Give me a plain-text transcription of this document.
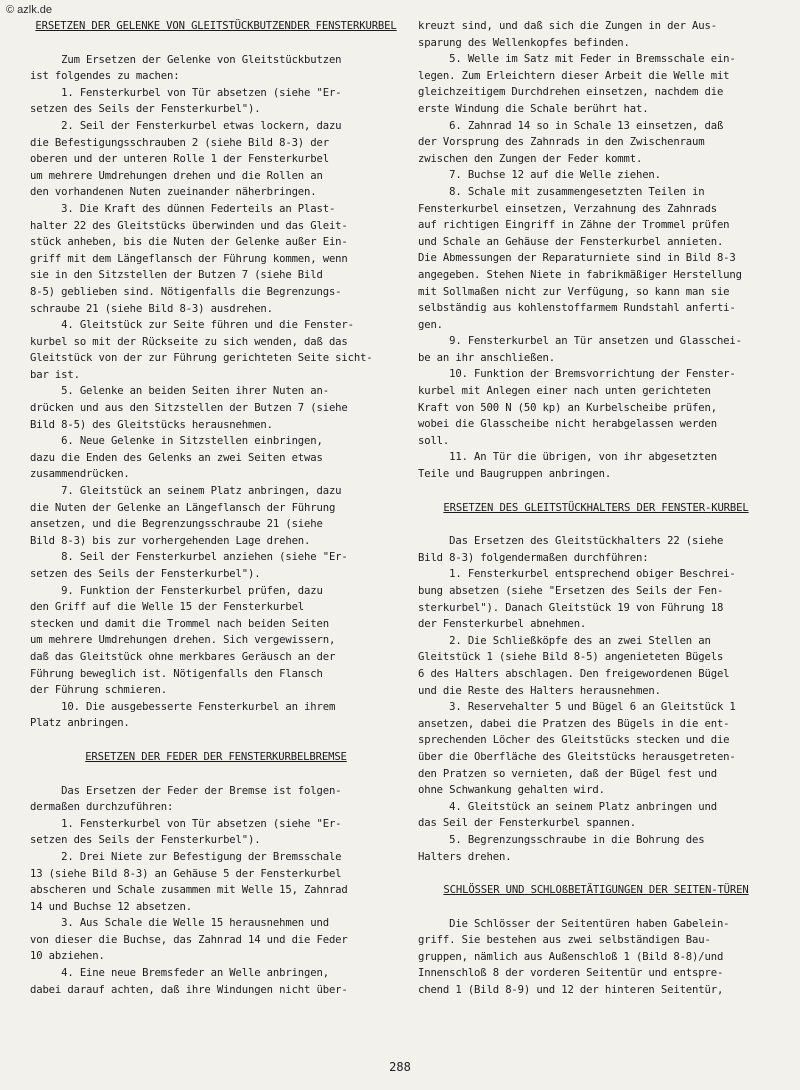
© azlk.de
ERSETZEN DER GELENKE VON GLEITSTÜCKBUTZENDER FENSTERKURBEL
Zum Ersetzen der Gelenke von Gleitstückbutzen
ist folgendes zu machen:
1. Fensterkurbel von Tür absetzen (siehe "Er-
setzen des Seils der Fensterkurbel").
2. Seil der Fensterkurbel etwas lockern, dazu
die Befestigungsschrauben 2 (siehe Bild 8-3) der
oberen und der unteren Rolle 1 der Fensterkurbel
um mehrere Umdrehungen drehen und die Rollen an
den vorhandenen Nuten zueinander näherbringen.
3. Die Kraft des dünnen Federteils an Plast-
halter 22 des Gleitstücks überwinden und das Gleit-
stück anheben, bis die Nuten der Gelenke außer Ein-
griff mit dem Längeflansch der Führung kommen, wenn
sie in den Sitzstellen der Butzen 7 (siehe Bild
8-5) geblieben sind. Nötigenfalls die Begrenzungs-
schraube 21 (siehe Bild 8-3) ausdrehen.
4. Gleitstück zur Seite führen und die Fenster-
kurbel so mit der Rückseite zu sich wenden, daß das
Gleitstück von der zur Führung gerichteten Seite sicht-
bar ist.
5. Gelenke an beiden Seiten ihrer Nuten an-
drücken und aus den Sitzstellen der Butzen 7 (siehe
Bild 8-5) des Gleitstücks herausnehmen.
6. Neue Gelenke in Sitzstellen einbringen,
dazu die Enden des Gelenks an zwei Seiten etwas
zusammendrücken.
7. Gleitstück an seinem Platz anbringen, dazu
die Nuten der Gelenke an Längeflansch der Führung
ansetzen, und die Begrenzungsschraube 21 (siehe
Bild 8-3) bis zur vorhergehenden Lage drehen.
8. Seil der Fensterkurbel anziehen (siehe "Er-
setzen des Seils der Fensterkurbel").
9. Funktion der Fensterkurbel prüfen, dazu
den Griff auf die Welle 15 der Fensterkurbel
stecken und damit die Trommel nach beiden Seiten
um mehrere Umdrehungen drehen. Sich vergewissern,
daß das Gleitstück ohne merkbares Geräusch an der
Führung beweglich ist. Nötigenfalls den Flansch
der Führung schmieren.
10. Die ausgebesserte Fensterkurbel an ihrem
Platz anbringen.
ERSETZEN DER FEDER DER FENSTERKURBELBREMSE
Das Ersetzen der Feder der Bremse ist folgen-
dermaßen durchzuführen:
1. Fensterkurbel von Tür absetzen (siehe "Er-
setzen des Seils der Fensterkurbel").
2. Drei Niete zur Befestigung der Bremsschale
13 (siehe Bild 8-3) an Gehäuse 5 der Fensterkurbel
abscheren und Schale zusammen mit Welle 15, Zahnrad
14 und Buchse 12 absetzen.
3. Aus Schale die Welle 15 herausnehmen und
von dieser die Buchse, das Zahnrad 14 und die Feder
10 abziehen.
4. Eine neue Bremsfeder an Welle anbringen,
dabei darauf achten, daß ihre Windungen nicht über-
kreuzt sind, und daß sich die Zungen in der Aus-
sparung des Wellenkopfes befinden.
5. Welle im Satz mit Feder in Bremsschale ein-
legen. Zum Erleichtern dieser Arbeit die Welle mit
gleichzeitigem Durchdrehen einsetzen, nachdem die
erste Windung die Schale berührt hat.
6. Zahnrad 14 so in Schale 13 einsetzen, daß
der Vorsprung des Zahnrads in den Zwischenraum
zwischen den Zungen der Feder kommt.
7. Buchse 12 auf die Welle ziehen.
8. Schale mit zusammengesetzten Teilen in
Fensterkurbel einsetzen, Verzahnung des Zahnrads
auf richtigen Eingriff in Zähne der Trommel prüfen
und Schale an Gehäuse der Fensterkurbel annieten.
Die Abmessungen der Reparaturniete sind in Bild 8-3
angegeben. Stehen Niete in fabrikmäßiger Herstellung
mit Sollmaßen nicht zur Verfügung, so kann man sie
selbständig aus kohlenstoffarmem Rundstahl anferti-
gen.
9. Fensterkurbel an Tür ansetzen und Glasschei-
be an ihr anschließen.
10. Funktion der Bremsvorrichtung der Fenster-
kurbel mit Anlegen einer nach unten gerichteten
Kraft von 500 N (50 kp) an Kurbelscheibe prüfen,
wobei die Glasscheibe nicht herabgelassen werden
soll.
11. An Tür die übrigen, von ihr abgesetzten
Teile und Baugruppen anbringen.
ERSETZEN DES GLEITSTÜCKHALTERS DER FENSTER-KURBEL
Das Ersetzen des Gleitstückhalters 22 (siehe
Bild 8-3) folgendermaßen durchführen:
1. Fensterkurbel entsprechend obiger Beschrei-
bung absetzen (siehe "Ersetzen des Seils der Fen-
sterkurbel"). Danach Gleitstück 19 von Führung 18
der Fensterkurbel abnehmen.
2. Die Schließköpfe des an zwei Stellen an
Gleitstück 1 (siehe Bild 8-5) angenieteten Bügels
6 des Halters abschlagen. Den freigewordenen Bügel
und die Reste des Halters herausnehmen.
3. Reservehalter 5 und Bügel 6 an Gleitstück 1
ansetzen, dabei die Pratzen des Bügels in die ent-
sprechenden Löcher des Gleitstücks stecken und die
über die Oberfläche des Gleitstücks herausgetreten-
den Pratzen so vernieten, daß der Bügel fest und
ohne Schwankung gehalten wird.
4. Gleitstück an seinem Platz anbringen und
das Seil der Fensterkurbel spannen.
5. Begrenzungsschraube in die Bohrung des
Halters drehen.
SCHLÖSSER UND SCHLOßBETÄTIGUNGEN DER SEITEN-TÜREN
Die Schlösser der Seitentüren haben Gabelein-
griff. Sie bestehen aus zwei selbständigen Bau-
gruppen, nämlich aus Außenschloß 1 (Bild 8-8)/und
Innenschloß 8 der vorderen Seitentür und entspre-
chend 1 (Bild 8-9) und 12 der hinteren Seitentür,
288
